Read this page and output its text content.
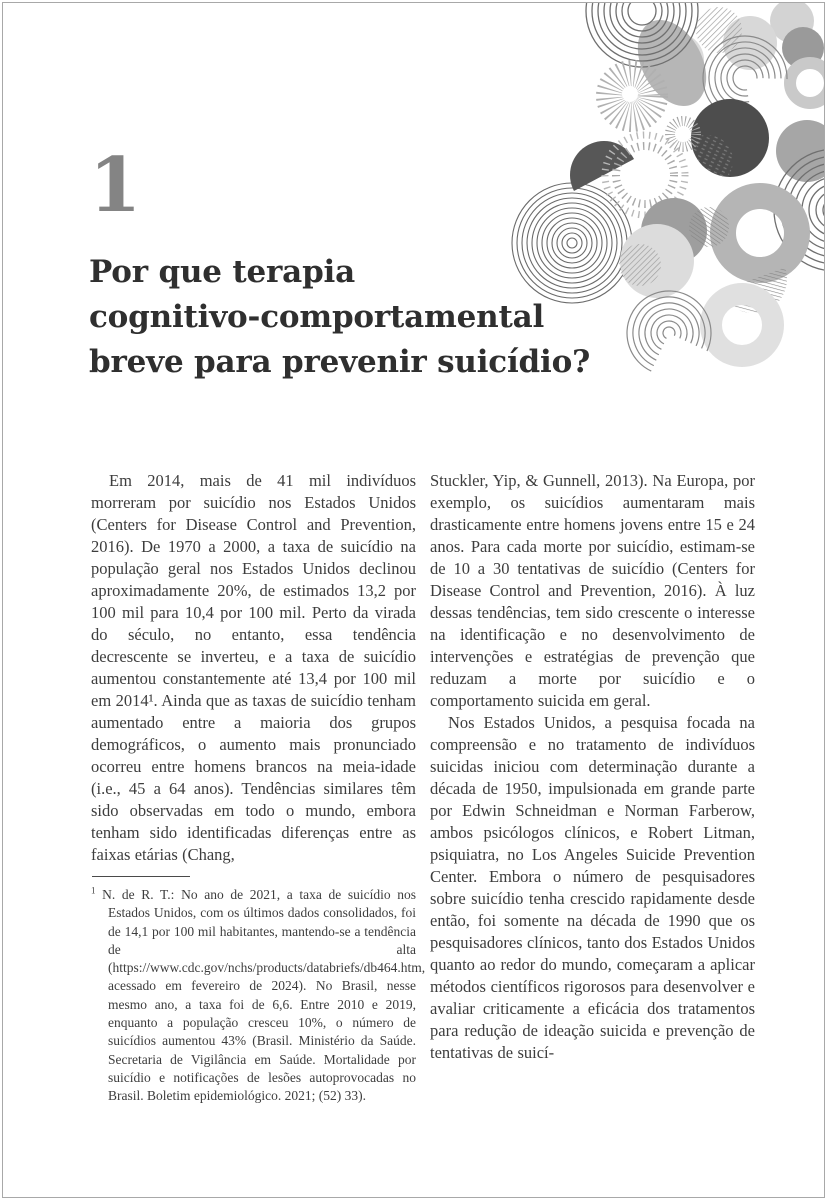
1
Por que terapia
cognitivo-comportamental
breve para prevenir suicídio?

Em 2014, mais de 41 mil indivíduos morreram por suicídio nos Estados Unidos (Centers for Disease Control and Prevention, 2016). De 1970 a 2000, a taxa de suicídio na população geral nos Estados Unidos declinou aproximadamente 20%, de estimados 13,2 por 100 mil para 10,4 por 100 mil. Perto da virada do século, no entanto, essa tendência decrescente se inverteu, e a taxa de suicídio aumentou constantemente até 13,4 por 100 mil em 2014¹. Ainda que as taxas de suicídio tenham aumentado entre a maioria dos grupos demográficos, o aumento mais pronunciado ocorreu entre homens brancos na meia-idade (i.e., 45 a 64 anos). Tendências similares têm sido observadas em todo o mundo, embora tenham sido identificadas diferenças entre as faixas etárias (Chang,

$^1$ N. de R. T.: No ano de 2021, a taxa de suicídio nos Estados Unidos, com os últimos dados consolidados, foi de 14,1 por 100 mil habitantes, mantendo-se a tendência de alta (https://www.cdc.gov/nchs/products/databriefs/db464.htm, acessado em fevereiro de 2024). No Brasil, nesse mesmo ano, a taxa foi de 6,6. Entre 2010 e 2019, enquanto a população cresceu 10%, o número de suicídios aumentou 43% (Brasil. Ministério da Saúde. Secretaria de Vigilância em Saúde. Mortalidade por suicídio e notificações de lesões autoprovocadas no Brasil. Boletim epidemiológico. 2021; (52) 33).

Stuckler, Yip, & Gunnell, 2013). Na Europa, por exemplo, os suicídios aumentaram mais drasticamente entre homens jovens entre 15 e 24 anos. Para cada morte por suicídio, estimam-se de 10 a 30 tentativas de suicídio (Centers for Disease Control and Prevention, 2016). À luz dessas tendências, tem sido crescente o interesse na identificação e no desenvolvimento de intervenções e estratégias de prevenção que reduzam a morte por suicídio e o comportamento suicida em geral.

Nos Estados Unidos, a pesquisa focada na compreensão e no tratamento de indivíduos suicidas iniciou com determinação durante a década de 1950, impulsionada em grande parte por Edwin Schneidman e Norman Farberow, ambos psicólogos clínicos, e Robert Litman, psiquiatra, no Los Angeles Suicide Prevention Center. Embora o número de pesquisadores sobre suicídio tenha crescido rapidamente desde então, foi somente na década de 1990 que os pesquisadores clínicos, tanto dos Estados Unidos quanto ao redor do mundo, começaram a aplicar métodos científicos rigorosos para desenvolver e avaliar criticamente a eficácia dos tratamentos para redução de ideação suicida e prevenção de tentativas de suicí-
